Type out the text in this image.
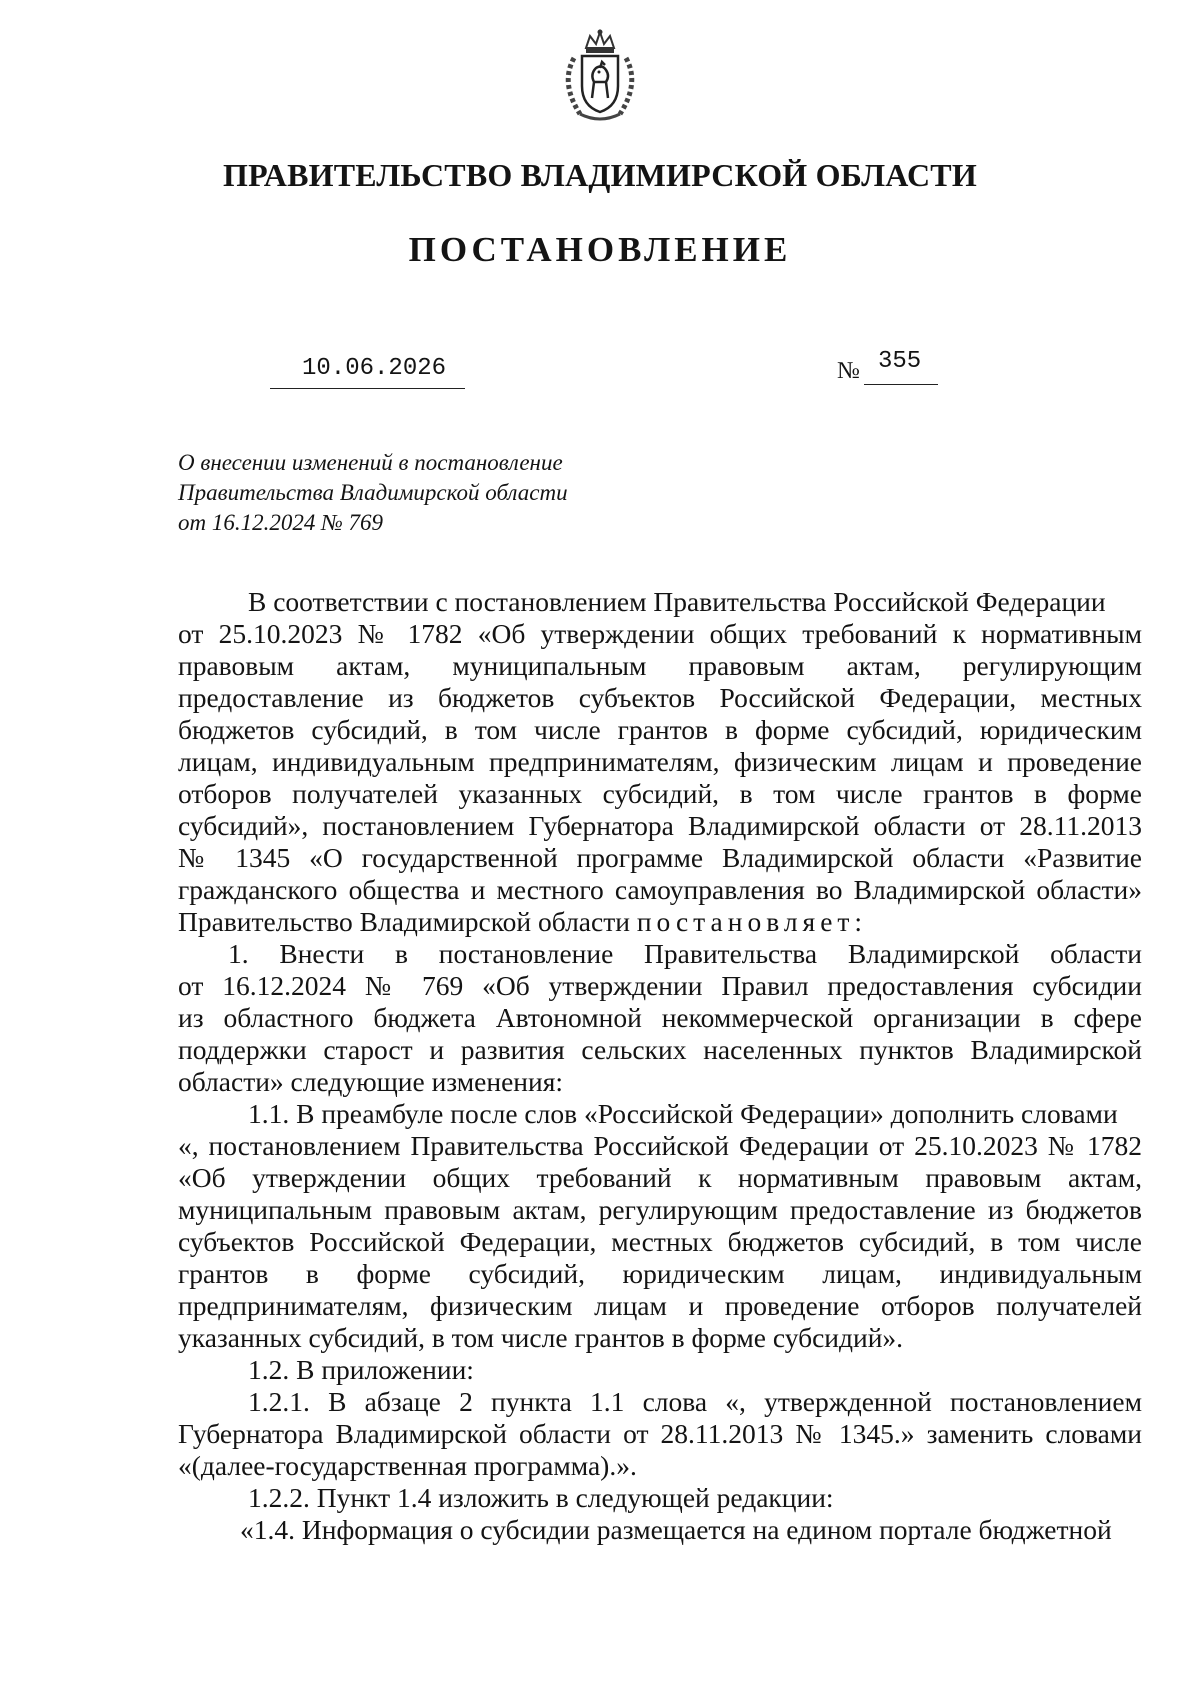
ПРАВИТЕЛЬСТВО ВЛАДИМИРСКОЙ ОБЛАСТИ
ПОСТАНОВЛЕНИЕ
10.06.2026	№ 355
О внесении изменений в постановление
Правительства Владимирской области
от 16.12.2024 № 769
В соответствии с постановлением Правительства Российской Федерации
от 25.10.2023 № 1782 «Об утверждении общих требований к нормативным
правовым актам, муниципальным правовым актам, регулирующим
предоставление из бюджетов субъектов Российской Федерации, местных
бюджетов субсидий, в том числе грантов в форме субсидий, юридическим
лицам, индивидуальным предпринимателям, физическим лицам и проведение
отборов получателей указанных субсидий, в том числе грантов в форме
субсидий», постановлением Губернатора Владимирской области от 28.11.2013
№ 1345 «О государственной программе Владимирской области «Развитие
гражданского общества и местного самоуправления во Владимирской области»
Правительство Владимирской области постановляет:
1. Внести в постановление Правительства Владимирской области
от 16.12.2024 № 769 «Об утверждении Правил предоставления субсидии
из областного бюджета Автономной некоммерческой организации в сфере
поддержки старост и развития сельских населенных пунктов Владимирской
области» следующие изменения:
1.1. В преамбуле после слов «Российской Федерации» дополнить словами
«, постановлением Правительства Российской Федерации от 25.10.2023 № 1782
«Об утверждении общих требований к нормативным правовым актам,
муниципальным правовым актам, регулирующим предоставление из бюджетов
субъектов Российской Федерации, местных бюджетов субсидий, в том числе
грантов в форме субсидий, юридическим лицам, индивидуальным
предпринимателям, физическим лицам и проведение отборов получателей
указанных субсидий, в том числе грантов в форме субсидий».
1.2. В приложении:
1.2.1. В абзаце 2 пункта 1.1 слова «, утвержденной постановлением
Губернатора Владимирской области от 28.11.2013 № 1345.» заменить словами
«(далее-государственная программа).».
1.2.2. Пункт 1.4 изложить в следующей редакции:
«1.4. Информация о субсидии размещается на едином портале бюджетной
